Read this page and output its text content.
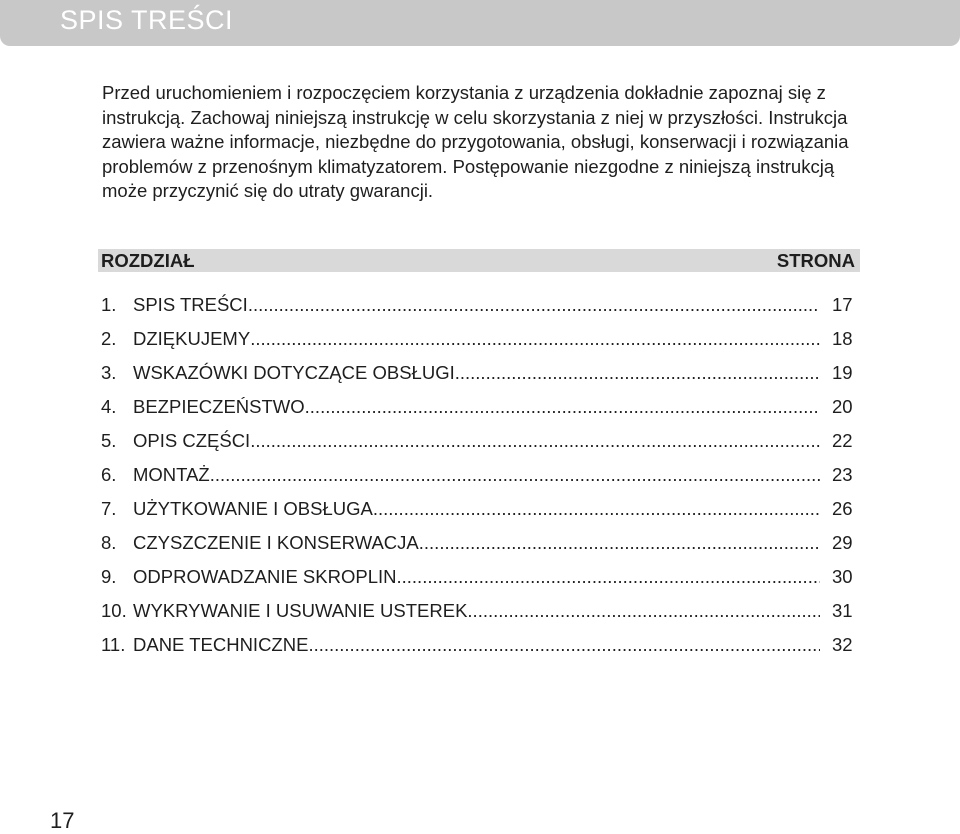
SPIS TREŚCI

Przed uruchomieniem i rozpoczęciem korzystania z urządzenia dokładnie zapoznaj się z instrukcją. Zachowaj niniejszą instrukcję w celu skorzystania z niej w przyszłości. Instrukcja zawiera ważne informacje, niezbędne do przygotowania, obsługi, konserwacji i rozwiązania problemów z przenośnym klimatyzatorem. Postępowanie niezgodne z niniejszą instrukcją może przyczynić się do utraty gwarancji.

ROZDZIAŁ	STRONA
1. SPIS TREŚCI .....	17
2. DZIĘKUJEMY .....	18
3. WSKAZÓWKI DOTYCZĄCE OBSŁUGI .....	19
4. BEZPIECZEŃSTWO .....	20
5. OPIS CZĘŚCI .....	22
6. MONTAŻ .....	23
7. UŻYTKOWANIE I OBSŁUGA .....	26
8. CZYSZCZENIE I KONSERWACJA .....	29
9. ODPROWADZANIE SKROPLIN .....	30
10. WYKRYWANIE I USUWANIE USTEREK .....	31
11. DANE TECHNICZNE .....	32
17
